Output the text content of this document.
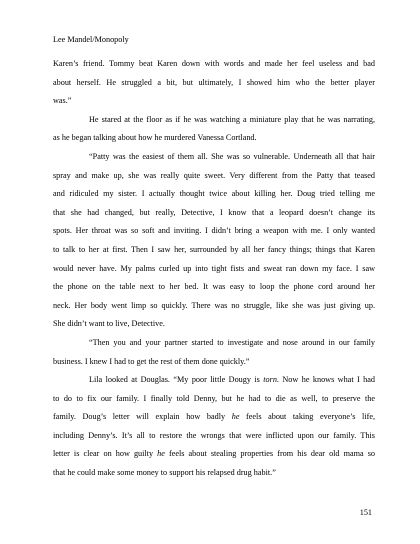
Lee Mandel/Monopoly
Karen’s friend. Tommy beat Karen down with words and made her feel useless and bad
about herself. He struggled a bit, but ultimately, I showed him who the better player
was.”
He stared at the floor as if he was watching a miniature play that he was narrating,
as he began talking about how he murdered Vanessa Cortland.
“Patty was the easiest of them all. She was so vulnerable. Underneath all that hair
spray and make up, she was really quite sweet. Very different from the Patty that teased
and ridiculed my sister. I actually thought twice about killing her. Doug tried telling me
that she had changed, but really, Detective, I know that a leopard doesn’t change its
spots. Her throat was so soft and inviting. I didn’t bring a weapon with me. I only wanted
to talk to her at first. Then I saw her, surrounded by all her fancy things; things that Karen
would never have. My palms curled up into tight fists and sweat ran down my face. I saw
the phone on the table next to her bed. It was easy to loop the phone cord around her
neck. Her body went limp so quickly. There was no struggle, like she was just giving up.
She didn’t want to live, Detective.
“Then you and your partner started to investigate and nose around in our family
business. I knew I had to get the rest of them done quickly.”
Lila looked at Douglas. “My poor little Dougy is torn. Now he knows what I had
to do to fix our family. I finally told Denny, but he had to die as well, to preserve the
family. Doug’s letter will explain how badly he feels about taking everyone’s life,
including Denny’s. It’s all to restore the wrongs that were inflicted upon our family. This
letter is clear on how guilty he feels about stealing properties from his dear old mama so
that he could make some money to support his relapsed drug habit.”
151
